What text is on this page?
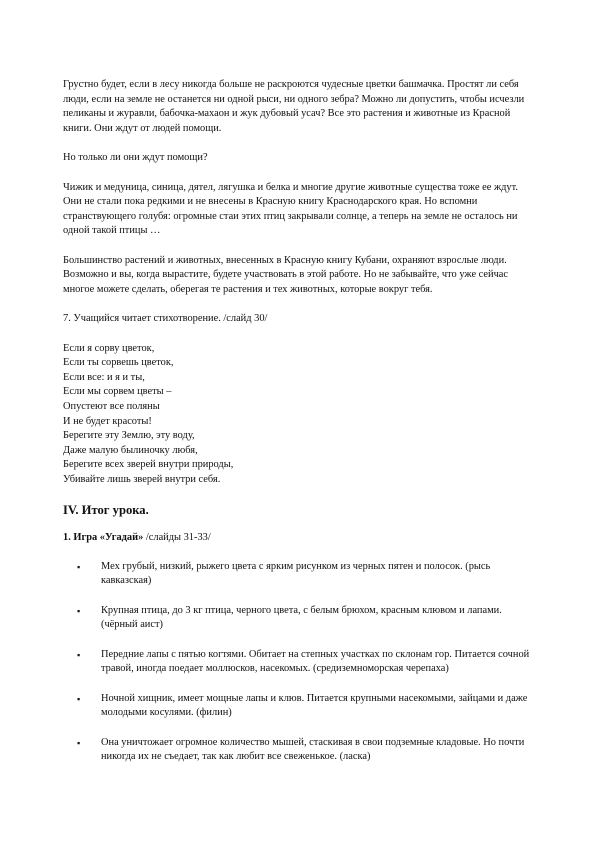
Грустно будет, если в лесу никогда больше не раскроются чудесные цветки башмачка. Простят ли себя люди, если на земле не останется ни одной рыси, ни одного зебра? Можно ли допустить, чтобы исчезли пеликаны и журавли, бабочка-махаон и жук дубовый усач? Все это растения и животные из Красной книги. Они ждут от людей помощи.

Но только ли они ждут помощи?

Чижик и медуница, синица, дятел, лягушка и белка и многие другие животные существа тоже ее ждут. Они не стали пока редкими и не внесены в Красную книгу Краснодарского края. Но вспомни странствующего голубя: огромные стаи этих птиц закрывали солнце, а теперь на земле не осталось ни одной такой птицы …

Большинство растений и животных, внесенных в Красную книгу Кубани, охраняют взрослые люди. Возможно и вы, когда вырастите, будете участвовать в этой работе. Но не забывайте, что уже сейчас многое можете сделать, оберегая те растения и тех животных, которые вокруг тебя.

7. Учащийся читает стихотворение. /слайд 30/

Если я сорву цветок,
Если ты сорвешь цветок,
Если все: и я и ты,
Если мы сорвем цветы –
Опустеют все поляны
И не будет красоты!
Берегите эту Землю, эту воду,
Даже малую былиночку любя,
Берегите всех зверей внутри природы,
Убивайте лишь зверей внутри себя.
IV. Итог урока.

1. Игра «Угадай» /слайды 31-33/

▪ Мех грубый, низкий, рыжего цвета с ярким рисунком из черных пятен и полосок. (рысь кавказская)
▪ Крупная птица, до 3 кг птица, черного цвета, с белым брюхом, красным клювом и лапами. (чёрный аист)
▪ Передние лапы с пятью когтями. Обитает на степных участках по склонам гор. Питается сочной травой, иногда поедает моллюсков, насекомых. (средиземноморская черепаха)
▪ Ночной хищник, имеет мощные лапы и клюв. Питается крупными насекомыми, зайцами и даже молодыми косулями. (филин)
▪ Она уничтожает огромное количество мышей, стаскивая в свои подземные кладовые. Но почти никогда их не съедает, так как любит все свеженькое. (ласка)
